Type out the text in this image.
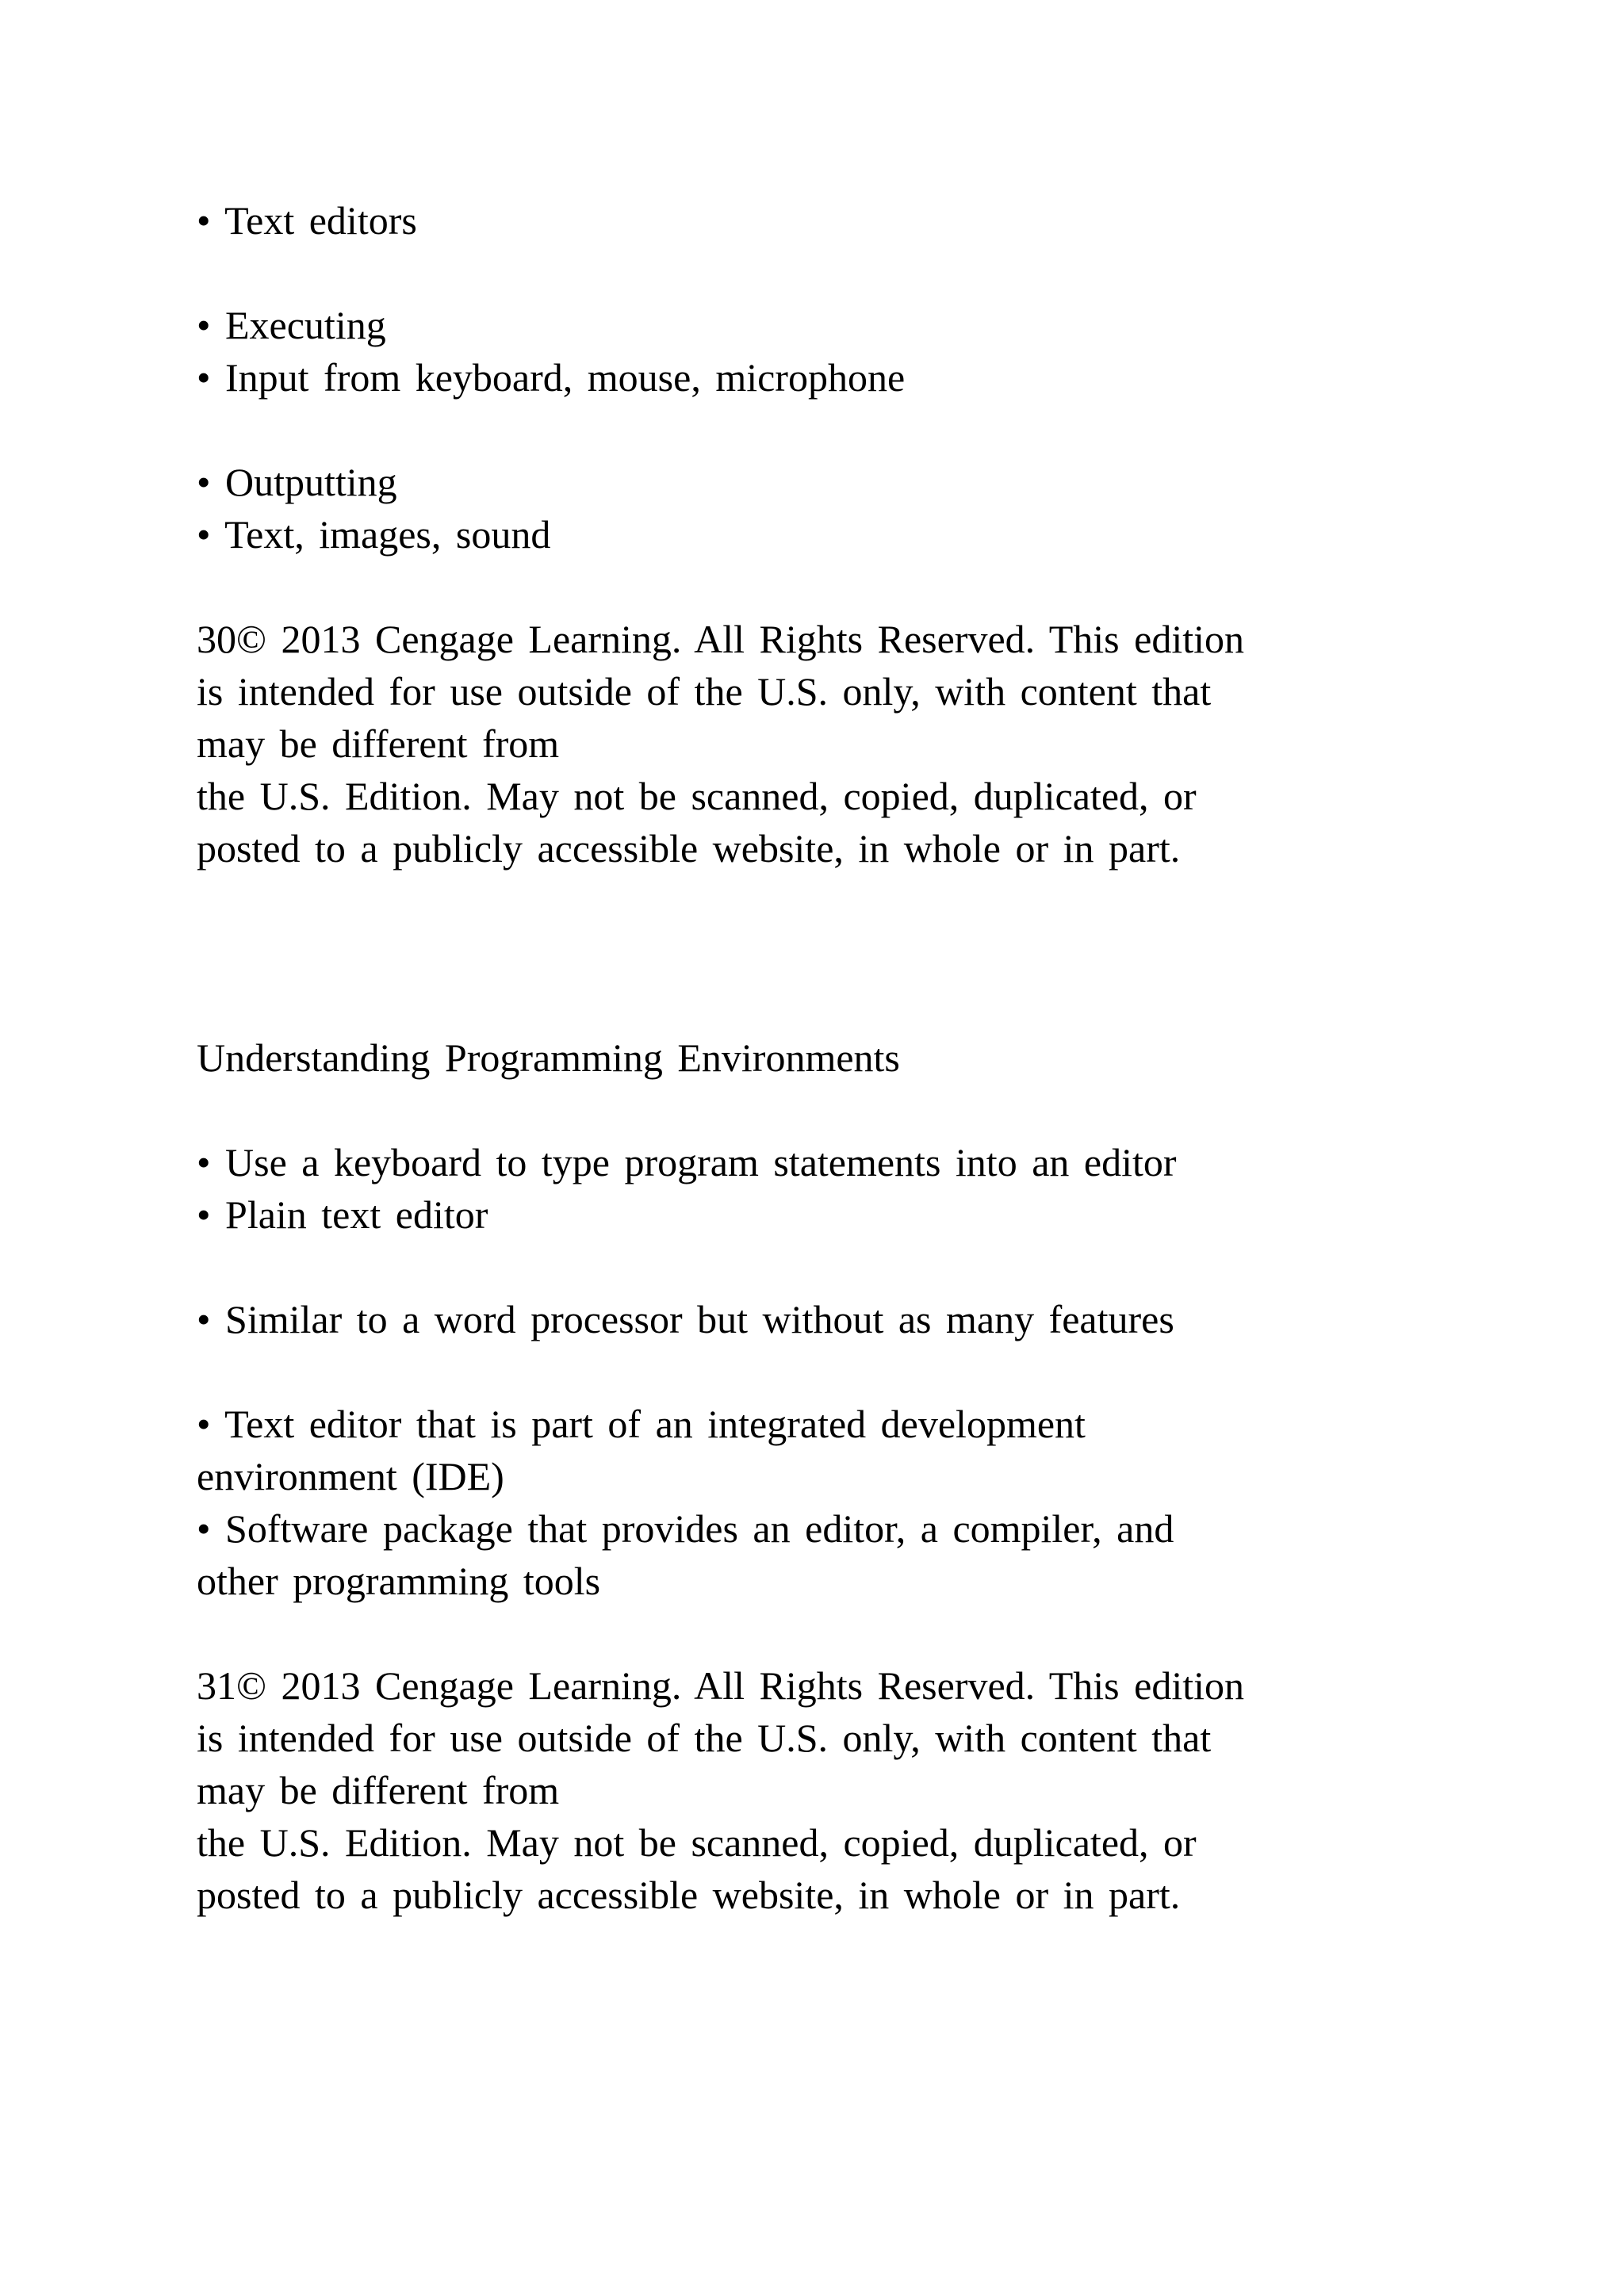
• Text editors
• Executing
• Input from keyboard, mouse, microphone
• Outputting
• Text, images, sound
30© 2013 Cengage Learning. All Rights Reserved. This edition
is intended for use outside of the U.S. only, with content that
may be different from
the U.S. Edition. May not be scanned, copied, duplicated, or
posted to a publicly accessible website, in whole or in part.
Understanding Programming Environments
• Use a keyboard to type program statements into an editor
• Plain text editor
• Similar to a word processor but without as many features
• Text editor that is part of an integrated development
environment (IDE)
• Software package that provides an editor, a compiler, and
other programming tools
31© 2013 Cengage Learning. All Rights Reserved. This edition
is intended for use outside of the U.S. only, with content that
may be different from
the U.S. Edition. May not be scanned, copied, duplicated, or
posted to a publicly accessible website, in whole or in part.
